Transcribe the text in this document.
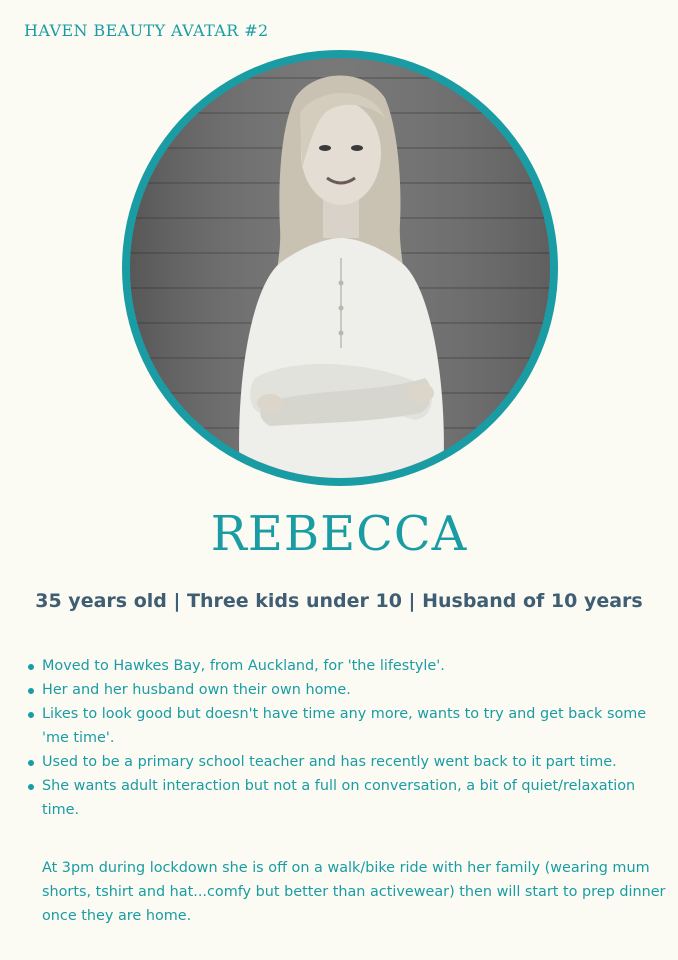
HAVEN BEAUTY AVATAR #2
REBECCA
35 years old | Three kids under 10 | Husband of 10 years
Moved to Hawkes Bay, from Auckland, for 'the lifestyle'.
Her and her husband own their own home.
Likes to look good but doesn't have time any more, wants to try and get back some 'me time'.
Used to be a primary school teacher and has recently went back to it part time.
She wants adult interaction but not a full on conversation, a bit of quiet/relaxation time.

At 3pm during lockdown she is off on a walk/bike ride with her family (wearing mum shorts, tshirt and hat...comfy but better than activewear) then will start to prep dinner once they are home.
